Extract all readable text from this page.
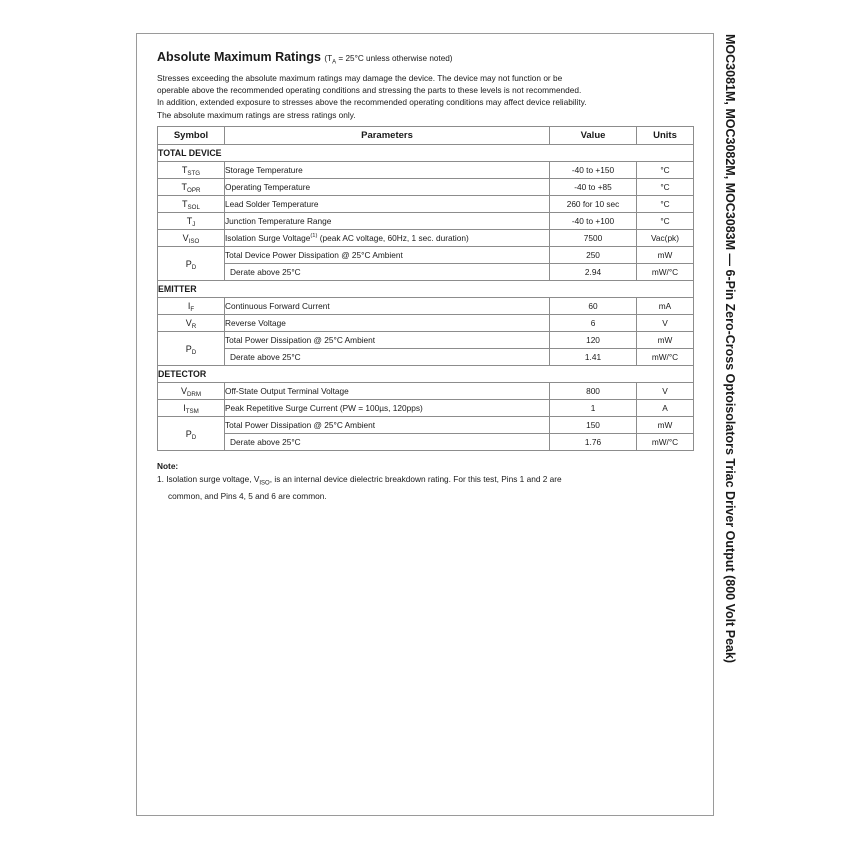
Absolute Maximum Ratings ($T_A = 25^\circ C$ unless otherwise noted)

Stresses exceeding the absolute maximum ratings may damage the device. The device may not function or be

operable above the recommended operating conditions and stressing the parts to these levels is not recommended.

In addition, extended exposure to stresses above the recommended operating conditions may affect device reliability.

The absolute maximum ratings are stress ratings only.

Symbol	Parameters	Value	Units
TOTAL DEVICE			
$T_{STG}$	Storage Temperature	-40 to +150	°C
$T_{OPR}$	Operating Temperature	-40 to +85	°C
$T_{SOL}$	Lead Solder Temperature	260 for 10 sec	°C
$T_J$	Junction Temperature Range	-40 to +100	°C
$V_{ISO}$	Isolation Surge Voltage$^{(1)}$ (peak AC voltage, 60Hz, 1 sec. duration)	7500	Vac(pk)
$P_D$	Total Device Power Dissipation @ 25°C Ambient	250	mW
	Derate above 25°C	2.94	mW/°C
EMITTER			
$I_F$	Continuous Forward Current	60	mA
$V_R$	Reverse Voltage	6	V
$P_D$	Total Power Dissipation @ 25°C Ambient	120	mW
	Derate above 25°C	1.41	mW/°C
DETECTOR			
$V_{DRM}$	Off-State Output Terminal Voltage	800	V
$I_{TSM}$	Peak Repetitive Surge Current (PW = 100µs, 120pps)	1	A
$P_D$	Total Power Dissipation @ 25°C Ambient	150	mW
	Derate above 25°C	1.76	mW/°C
Note:

1. Isolation surge voltage, $V_{ISO}$, is an internal device dielectric breakdown rating. For this test, Pins 1 and 2 are

common, and Pins 4, 5 and 6 are common.	MOC3081M, MOC3082M, MOC3083M — 6-Pin Zero-Cross Optoisolators Triac Driver Output (800 Volt Peak)
